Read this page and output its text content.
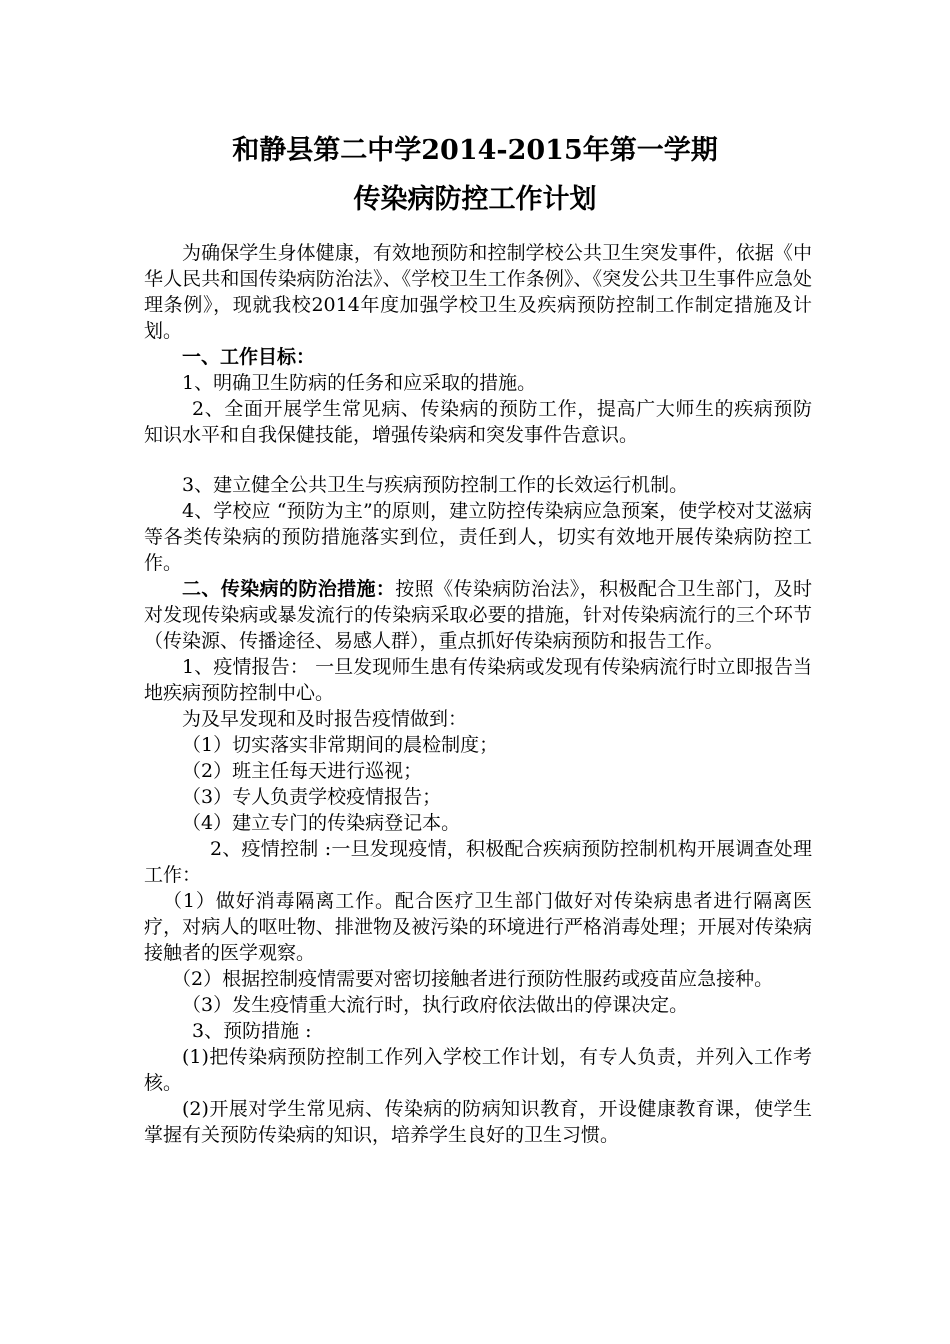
和静县第二中学2014-2015年第一学期
传染病防控工作计划

为确保学生身体健康，有效地预防和控制学校公共卫生突发事件，依据《中华人民共和国传染病防治法》、《学校卫生工作条例》、《突发公共卫生事件应急处理条例》，现就我校2014年度加强学校卫生及疾病预防控制工作制定措施及计划。

一、工作目标：

1、明确卫生防病的任务和应采取的措施。

2、全面开展学生常见病、传染病的预防工作，提高广大师生的疾病预防知识水平和自我保健技能，增强传染病和突发事件告意识。

3、建立健全公共卫生与疾病预防控制工作的长效运行机制。

4、学校应 “预防为主”的原则，建立防控传染病应急预案，使学校对艾滋病等各类传染病的预防措施落实到位，责任到人，切实有效地开展传染病防控工作。

二、传染病的防治措施：按照《传染病防治法》，积极配合卫生部门，及时对发现传染病或暴发流行的传染病采取必要的措施，针对传染病流行的三个环节（传染源、传播途径、易感人群），重点抓好传染病预防和报告工作。

1、疫情报告： 一旦发现师生患有传染病或发现有传染病流行时立即报告当地疾病预防控制中心。

为及早发现和及时报告疫情做到：

（1）切实落实非常期间的晨检制度；

（2）班主任每天进行巡视；

（3）专人负责学校疫情报告；

（4）建立专门的传染病登记本。

2、疫情控制 :一旦发现疫情，积极配合疾病预防控制机构开展调查处理工作：

（1）做好消毒隔离工作。配合医疗卫生部门做好对传染病患者进行隔离医疗，对病人的呕吐物、排泄物及被污染的环境进行严格消毒处理；开展对传染病接触者的医学观察。

（2）根据控制疫情需要对密切接触者进行预防性服药或疫苗应急接种。

（3）发生疫情重大流行时，执行政府依法做出的停课决定。

3、预防措施 :

(1)把传染病预防控制工作列入学校工作计划，有专人负责，并列入工作考核。

(2)开展对学生常见病、传染病的防病知识教育，开设健康教育课，使学生掌握有关预防传染病的知识，培养学生良好的卫生习惯。
